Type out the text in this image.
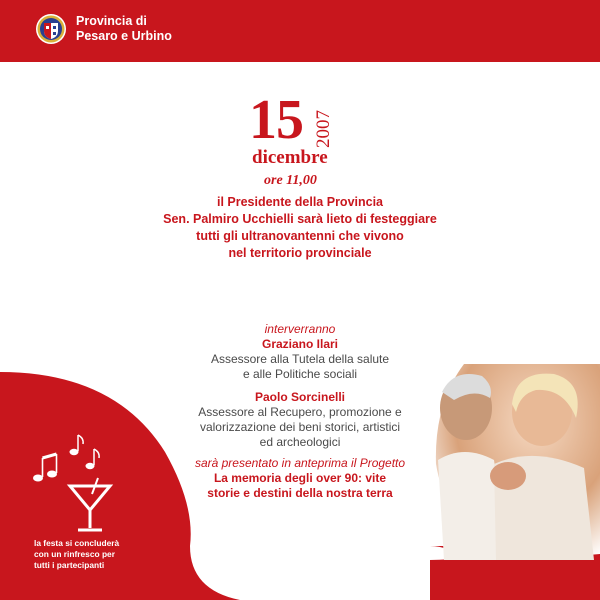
Provincia di
Pesaro e Urbino
15 2007
dicembre
ore 11,00
il Presidente della Provincia
Sen. Palmiro Ucchielli sarà lieto di festeggiare
tutti gli ultranovantenni che vivono
nel territorio provinciale
interverranno
Graziano Ilari
Assessore alla Tutela della salute
e alle Politiche sociali
Paolo Sorcinelli
Assessore al Recupero, promozione e
valorizzazione dei beni storici, artistici
ed archeologici
sarà presentato in anteprima il Progetto
La memoria degli over 90: vite
storie e destini della nostra terra
la festa si concluderà
con un rinfresco per
tutti i partecipanti
